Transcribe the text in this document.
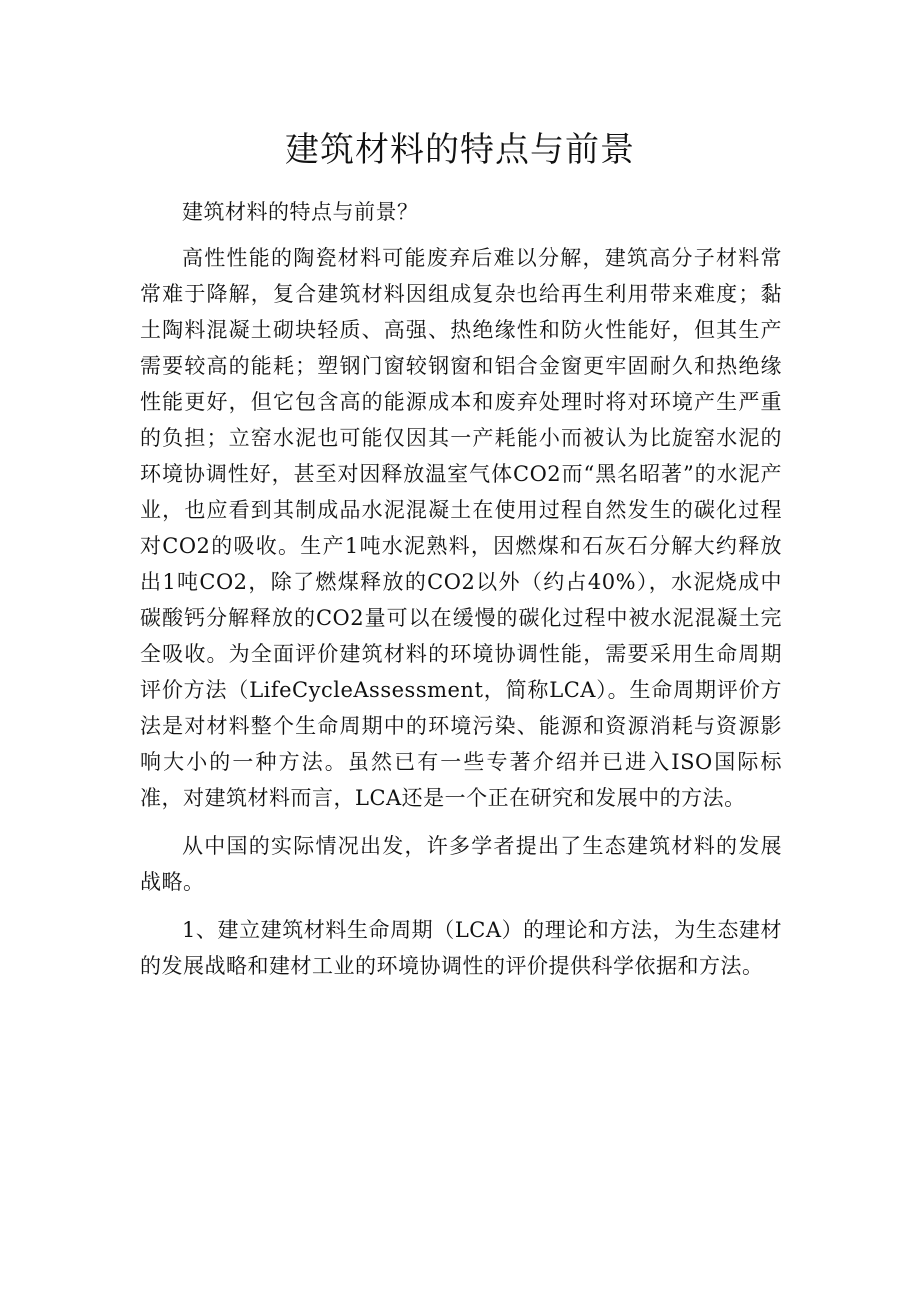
建筑材料的特点与前景

建筑材料的特点与前景？

高性性能的陶瓷材料可能废弃后难以分解，建筑高分子材料常常难于降解，复合建筑材料因组成复杂也给再生利用带来难度；黏土陶料混凝土砌块轻质、高强、热绝缘性和防火性能好，但其生产需要较高的能耗；塑钢门窗较钢窗和铝合金窗更牢固耐久和热绝缘性能更好，但它包含高的能源成本和废弃处理时将对环境产生严重的负担；立窑水泥也可能仅因其一产耗能小而被认为比旋窑水泥的环境协调性好，甚至对因释放温室气体CO2而“黑名昭著”的水泥产业，也应看到其制成品水泥混凝土在使用过程自然发生的碳化过程对CO2的吸收。生产1吨水泥熟料，因燃煤和石灰石分解大约释放出1吨CO2，除了燃煤释放的CO2以外（约占40%），水泥烧成中碳酸钙分解释放的CO2量可以在缓慢的碳化过程中被水泥混凝土完全吸收。为全面评价建筑材料的环境协调性能，需要采用生命周期评价方法（LifeCycleAssessment，简称LCA）。生命周期评价方法是对材料整个生命周期中的环境污染、能源和资源消耗与资源影响大小的一种方法。虽然已有一些专著介绍并已进入ISO国际标准，对建筑材料而言，LCA还是一个正在研究和发展中的方法。

从中国的实际情况出发，许多学者提出了生态建筑材料的发展战略。

1、建立建筑材料生命周期（LCA）的理论和方法，为生态建材的发展战略和建材工业的环境协调性的评价提供科学依据和方法。
